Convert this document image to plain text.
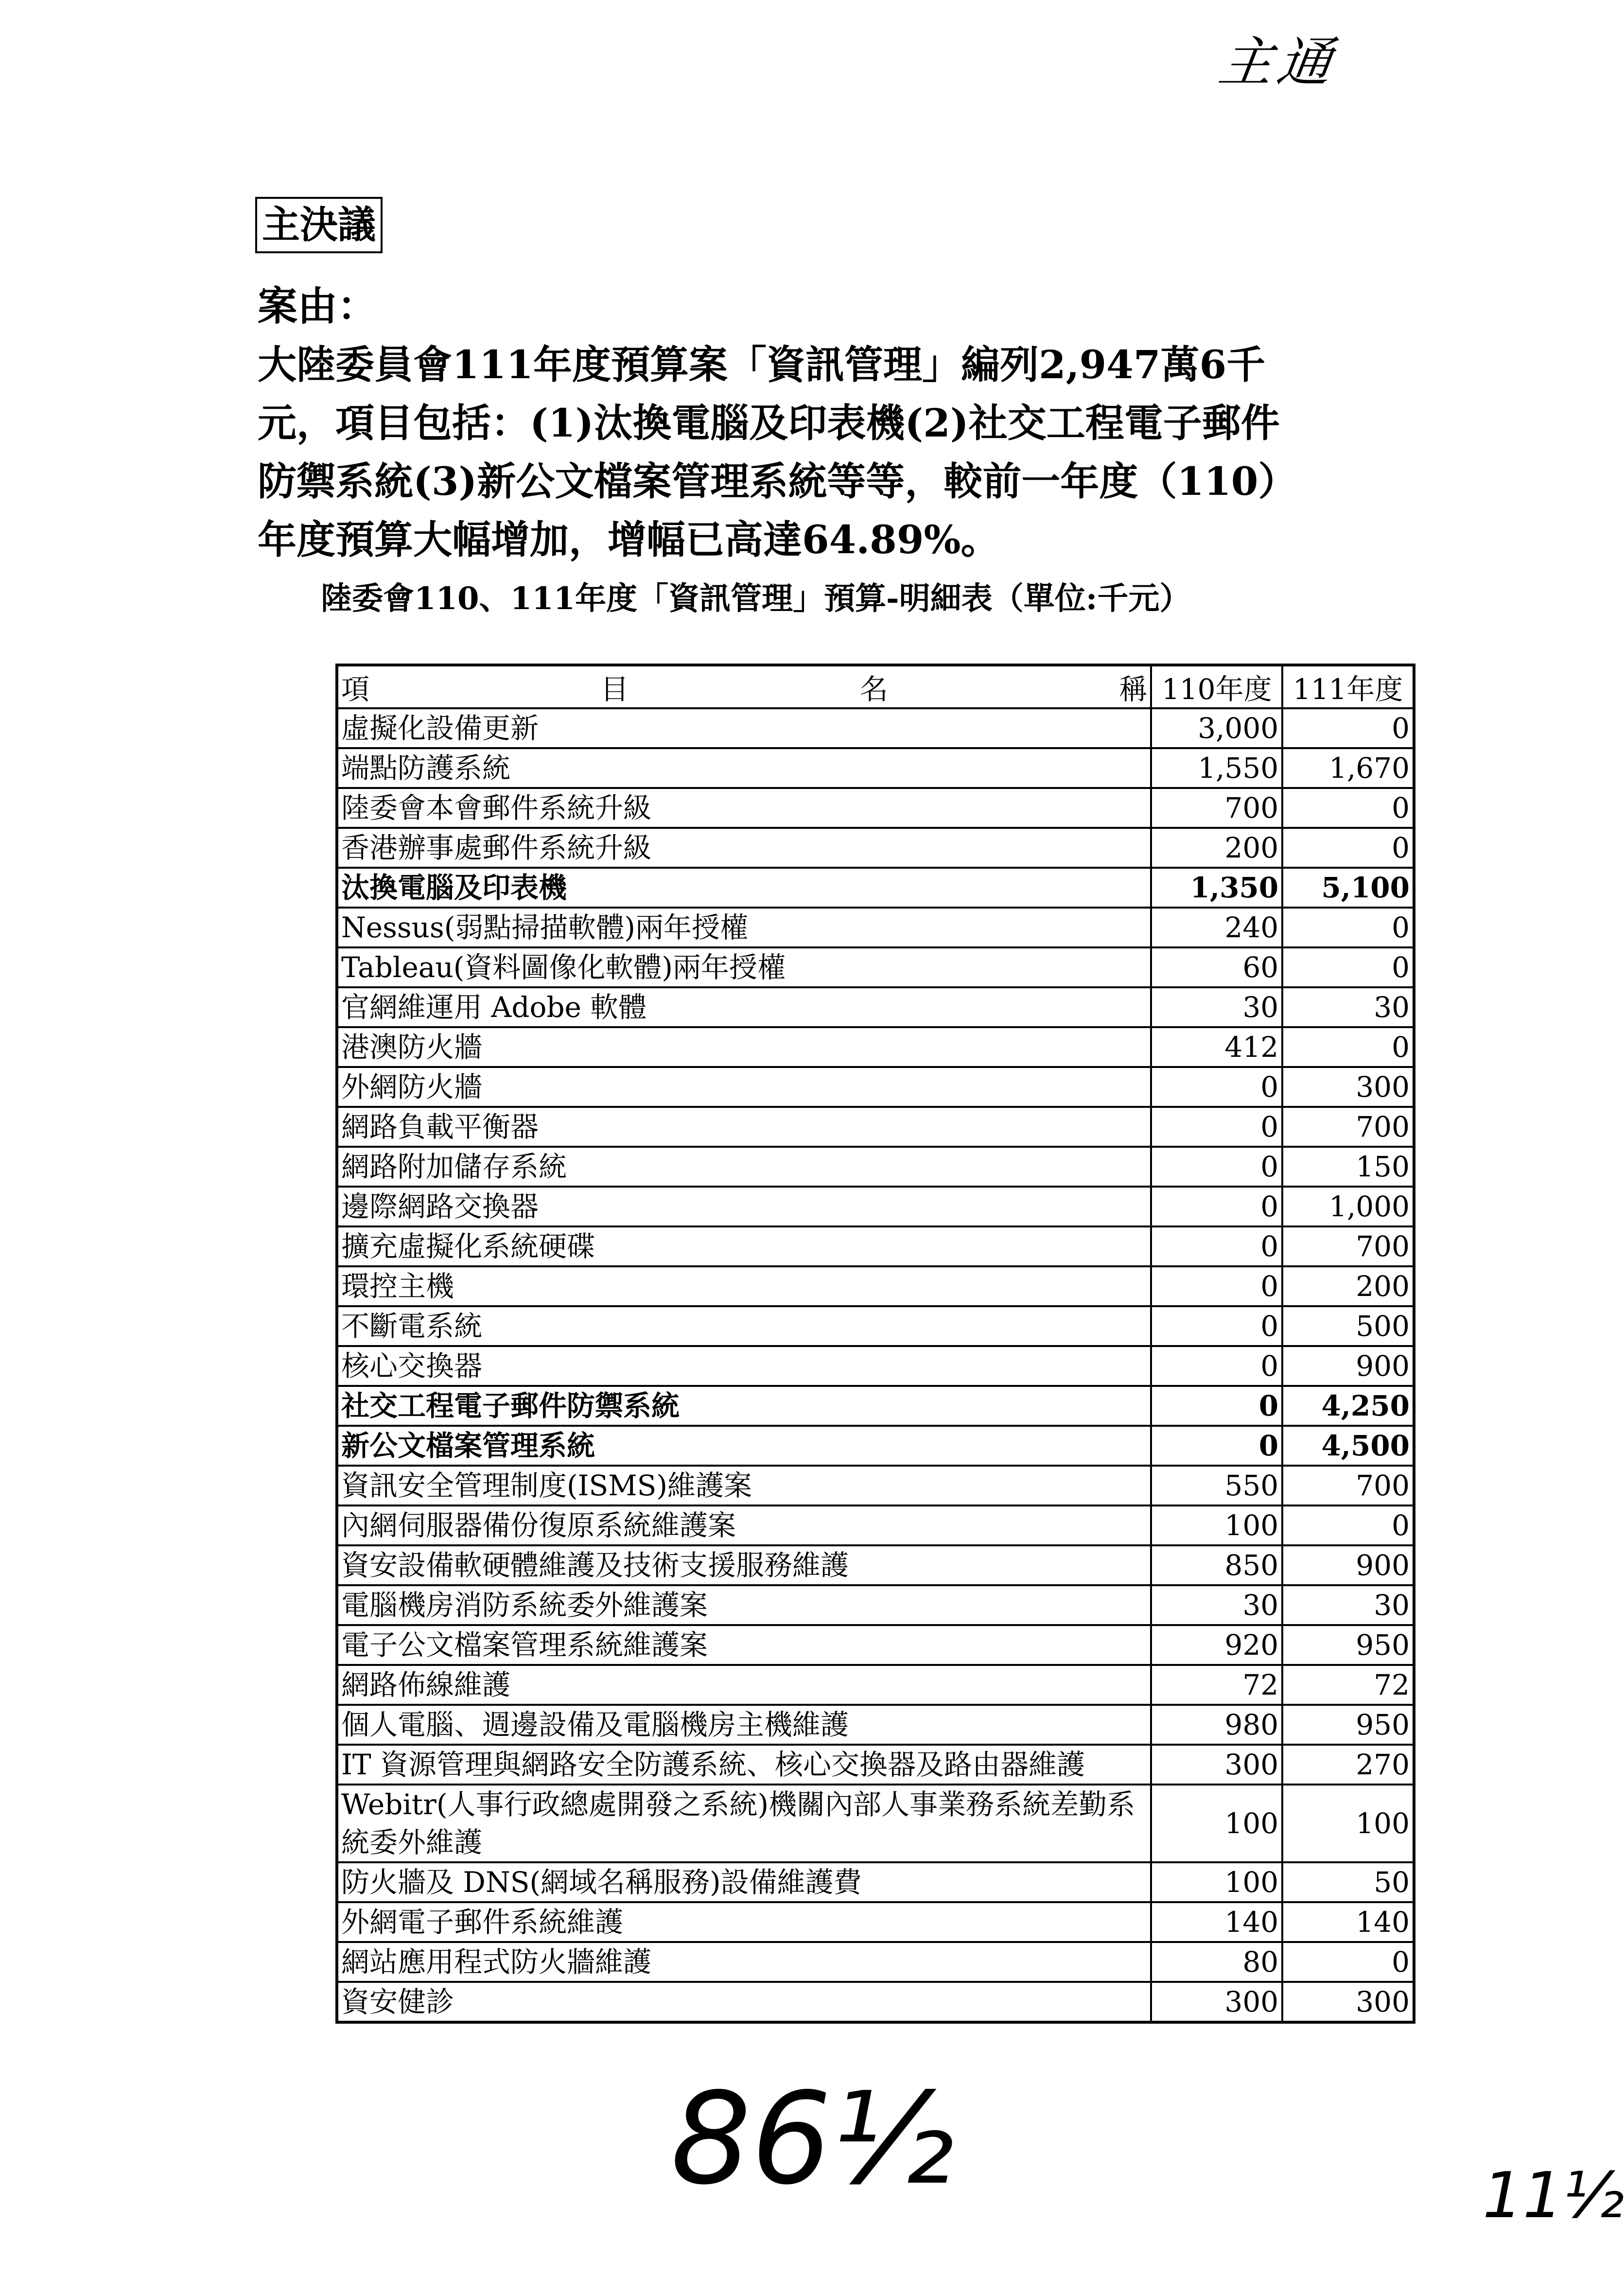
主通
主決議
案由：
大陸委員會111年度預算案「資訊管理」編列2,947萬6千
元，項目包括：(1)汰換電腦及印表機(2)社交工程電子郵件
防禦系統(3)新公文檔案管理系統等等，較前一年度（110）
年度預算大幅增加，增幅已高達64.89%。
陸委會110、111年度「資訊管理」預算-明細表（單位:千元）
項 目 名 稱	110年度	111年度
虛擬化設備更新	3,000	0
端點防護系統	1,550	1,670
陸委會本會郵件系統升級	700	0
香港辦事處郵件系統升級	200	0
汰換電腦及印表機	1,350	5,100
Nessus(弱點掃描軟體)兩年授權	240	0
Tableau(資料圖像化軟體)兩年授權	60	0
官網維運用 Adobe 軟體	30	30
港澳防火牆	412	0
外網防火牆	0	300
網路負載平衡器	0	700
網路附加儲存系統	0	150
邊際網路交換器	0	1,000
擴充虛擬化系統硬碟	0	700
環控主機	0	200
不斷電系統	0	500
核心交換器	0	900
社交工程電子郵件防禦系統	0	4,250
新公文檔案管理系統	0	4,500
資訊安全管理制度(ISMS)維護案	550	700
內網伺服器備份復原系統維護案	100	0
資安設備軟硬體維護及技術支援服務維護	850	900
電腦機房消防系統委外維護案	30	30
電子公文檔案管理系統維護案	920	950
網路佈線維護	72	72
個人電腦、週邊設備及電腦機房主機維護	980	950
IT 資源管理與網路安全防護系統、核心交換器及路由器維護	300	270
Webitr(人事行政總處開發之系統)機關內部人事業務系統差勤系統委外維護	100	100
防火牆及 DNS(網域名稱服務)設備維護費	100	50
外網電子郵件系統維護	140	140
網站應用程式防火牆維護	80	0
資安健診	300	300
86½	11½
